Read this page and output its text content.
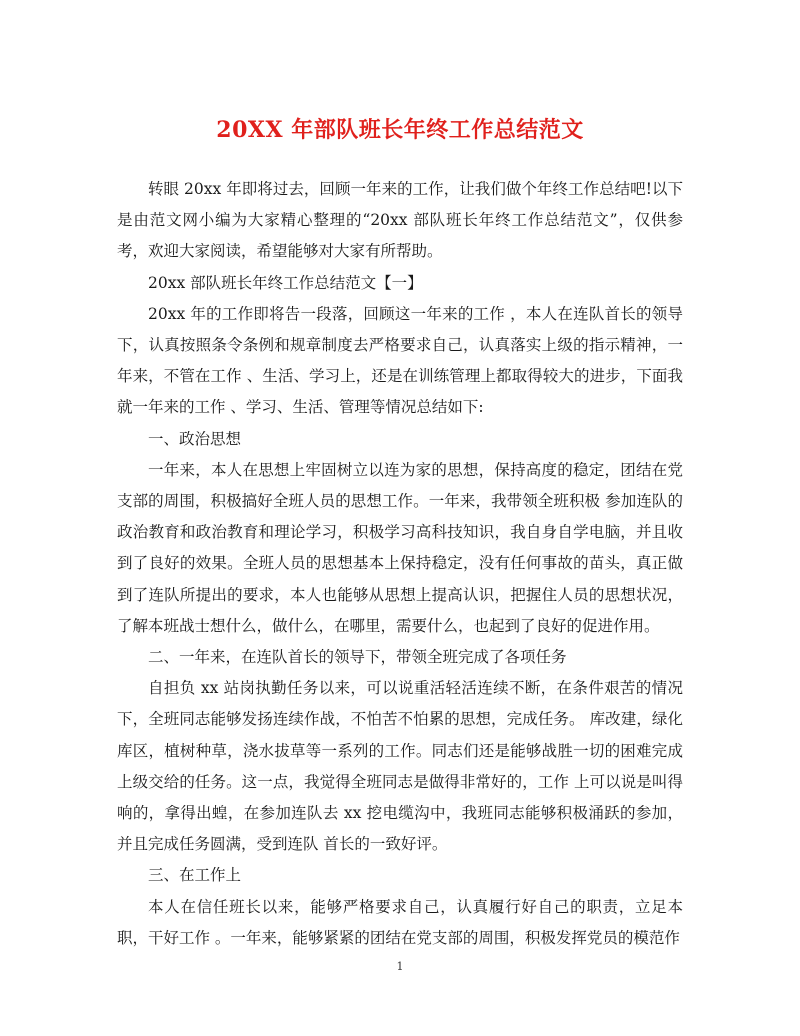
20XX 年部队班长年终工作总结范文

转眼 20xx 年即将过去，回顾一年来的工作，让我们做个年终工作总结吧!以下是由范文网小编为大家精心整理的“20xx 部队班长年终工作总结范文”，仅供参考，欢迎大家阅读，希望能够对大家有所帮助。

20xx 部队班长年终工作总结范文【一】

20xx 年的工作即将告一段落，回顾这一年来的工作 ，本人在连队首长的领导下，认真按照条令条例和规章制度去严格要求自己，认真落实上级的指示精神，一年来，不管在工作 、生活、学习上，还是在训练管理上都取得较大的进步，下面我就一年来的工作 、学习、生活、管理等情况总结如下:

一、政治思想

一年来，本人在思想上牢固树立以连为家的思想，保持高度的稳定，团结在党支部的周围，积极搞好全班人员的思想工作。一年来，我带领全班积极 参加连队的政治教育和政治教育和理论学习，积极学习高科技知识，我自身自学电脑，并且收到了良好的效果。全班人员的思想基本上保持稳定，没有任何事故的苗头，真正做到了连队所提出的要求，本人也能够从思想上提高认识，把握住人员的思想状况，了解本班战士想什么，做什么，在哪里，需要什么，也起到了良好的促进作用。

二、一年来，在连队首长的领导下，带领全班完成了各项任务

自担负 xx 站岗执勤任务以来，可以说重活轻活连续不断，在条件艰苦的情况下，全班同志能够发扬连续作战，不怕苦不怕累的思想，完成任务。 库改建，绿化库区，植树种草，浇水拔草等一系列的工作。同志们还是能够战胜一切的困难完成上级交给的任务。这一点，我觉得全班同志是做得非常好的，工作 上可以说是叫得响的，拿得出蝗，在参加连队去 xx 挖电缆沟中，我班同志能够积极涌跃的参加，并且完成任务圆满，受到连队 首长的一致好评。

三、在工作上

本人在信任班长以来，能够严格要求自己，认真履行好自己的职责，立足本职，干好工作 。一年来，能够紧紧的团结在党支部的周围，积极发挥党员的模范作

1
